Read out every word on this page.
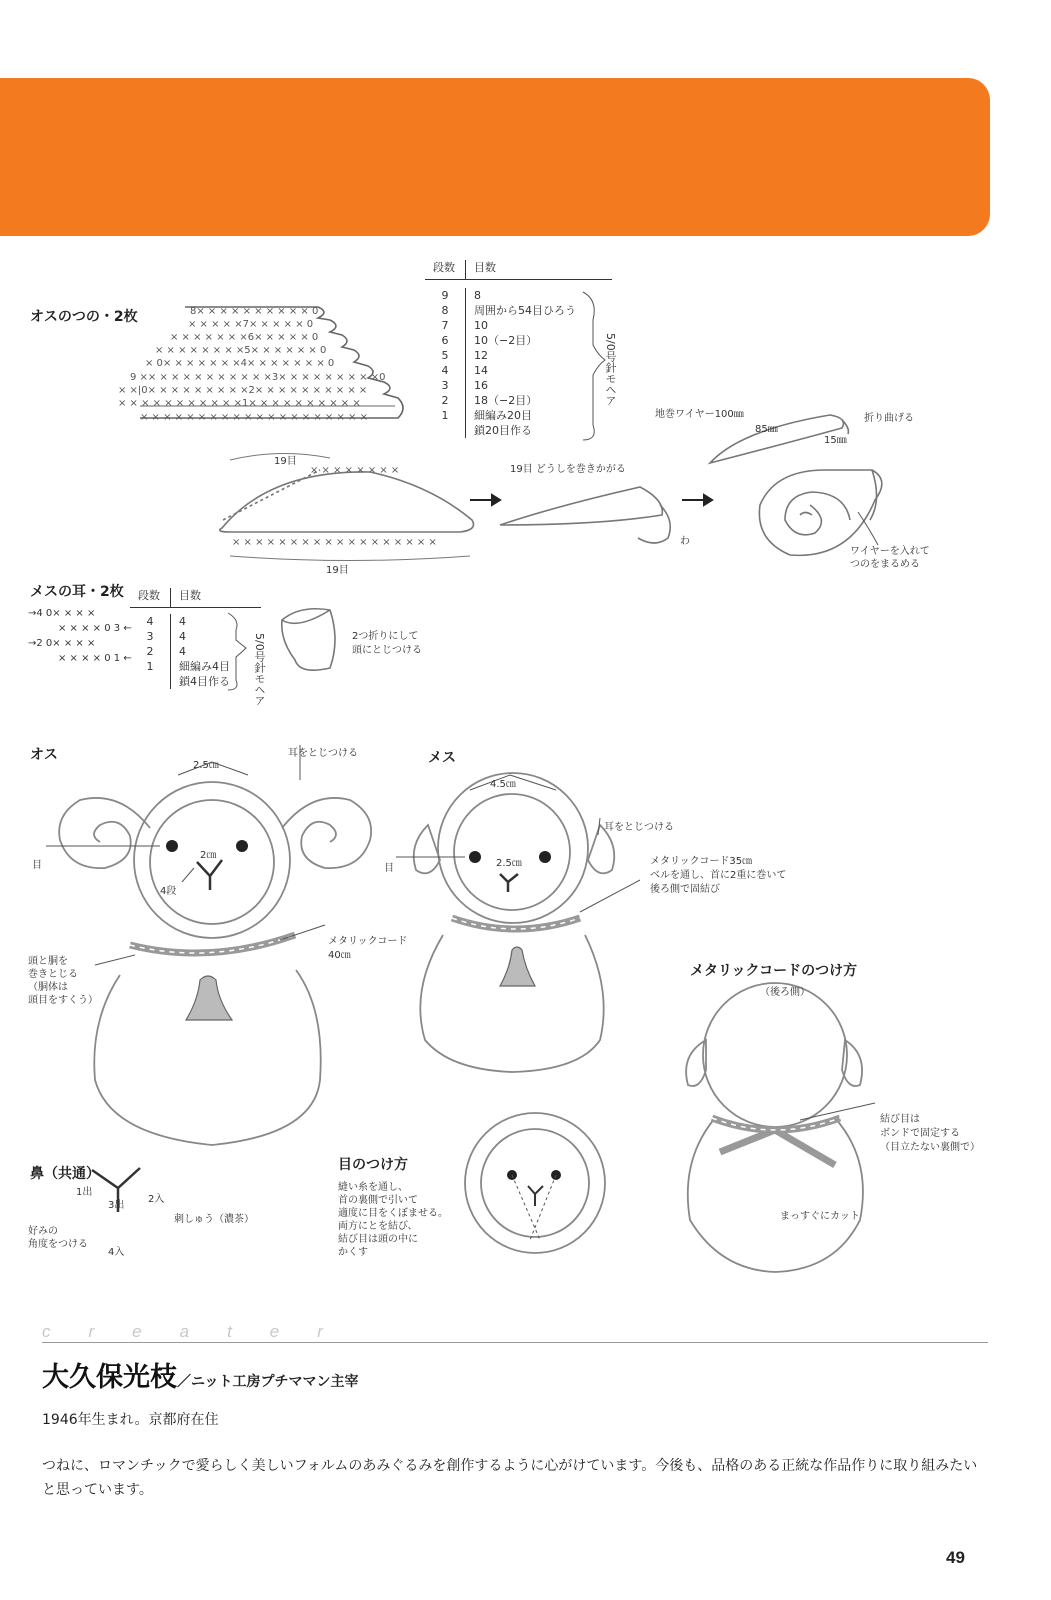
オスのつの・2枚	8× × × × × × × × × × 0
× × × × ×7× × × × × 0
× × × × × × ×6× × × × × 0
× × × × × × × ×5× × × × × × 0
× 0× × × × × × ×4× × × × × × × 0
9 ×× × × × × × × × × × ×3× × × × × × × × ×0
× ×|0× × × × × × × × ×2× × × × × × × × × ×
× × × × × × × × × × ×1× × × × × × × × × ×
× × × × × × × × × × × × × × × × × × × ×
× × × × × × × ×
× × × × × × × × × × × × × × × × × ×
段数	目数

9	8
8	周囲から54目ひろう
7	10
6	10（−2目）
5	12
4	14
3	16
2	18（−2目）
1	細編み20目
	鎖20目作る
5/0号針モヘア
19目
19目
19目 どうしを巻きかがる
わ
地巻ワイヤー100㎜
85㎜
15㎜
折り曲げる
ワイヤーを入れて
つのをまるめる
メスの耳・2枚
→4 0× × × ×
× × × × 0 3 ←
→2 0× × × ×
× × × × 0 1 ←
段数	目数

4	4
3	4
2	4
1	細編み4目
	鎖4目作る 5/0号針モヘア	2つ折りにして
頭にとじつける
オス
2.5㎝
耳をとじつける
2㎝
目
4段
メタリックコード
40㎝
頭と胴を
巻きとじる
（胴体は
頭目をすくう）
メス
4.5㎝
耳をとじつける
目	2.5㎝	メタリックコード35㎝
ベルを通し、首に2重に巻いて
後ろ側で固結び
メタリックコードのつけ方
（後ろ側）
結び目は
ボンドで固定する
（目立たない裏側で）
まっすぐにカット
鼻（共通）
1出
3出
2入
4入
好みの
角度をつける
刺しゅう（濃茶）
目のつけ方
縫い糸を通し、
首の裏側で引いて
適度に目をくぼませる。
両方にとを結び、
結び目は頭の中に
かくす
creater
大久保光枝／ニット工房プチママン主宰
1946年生まれ。京都府在住
つねに、ロマンチックで愛らしく美しいフォルムのあみぐるみを創作するように心がけています。今後も、品格のある正統な作品作りに取り組みたいと思っています。
49
